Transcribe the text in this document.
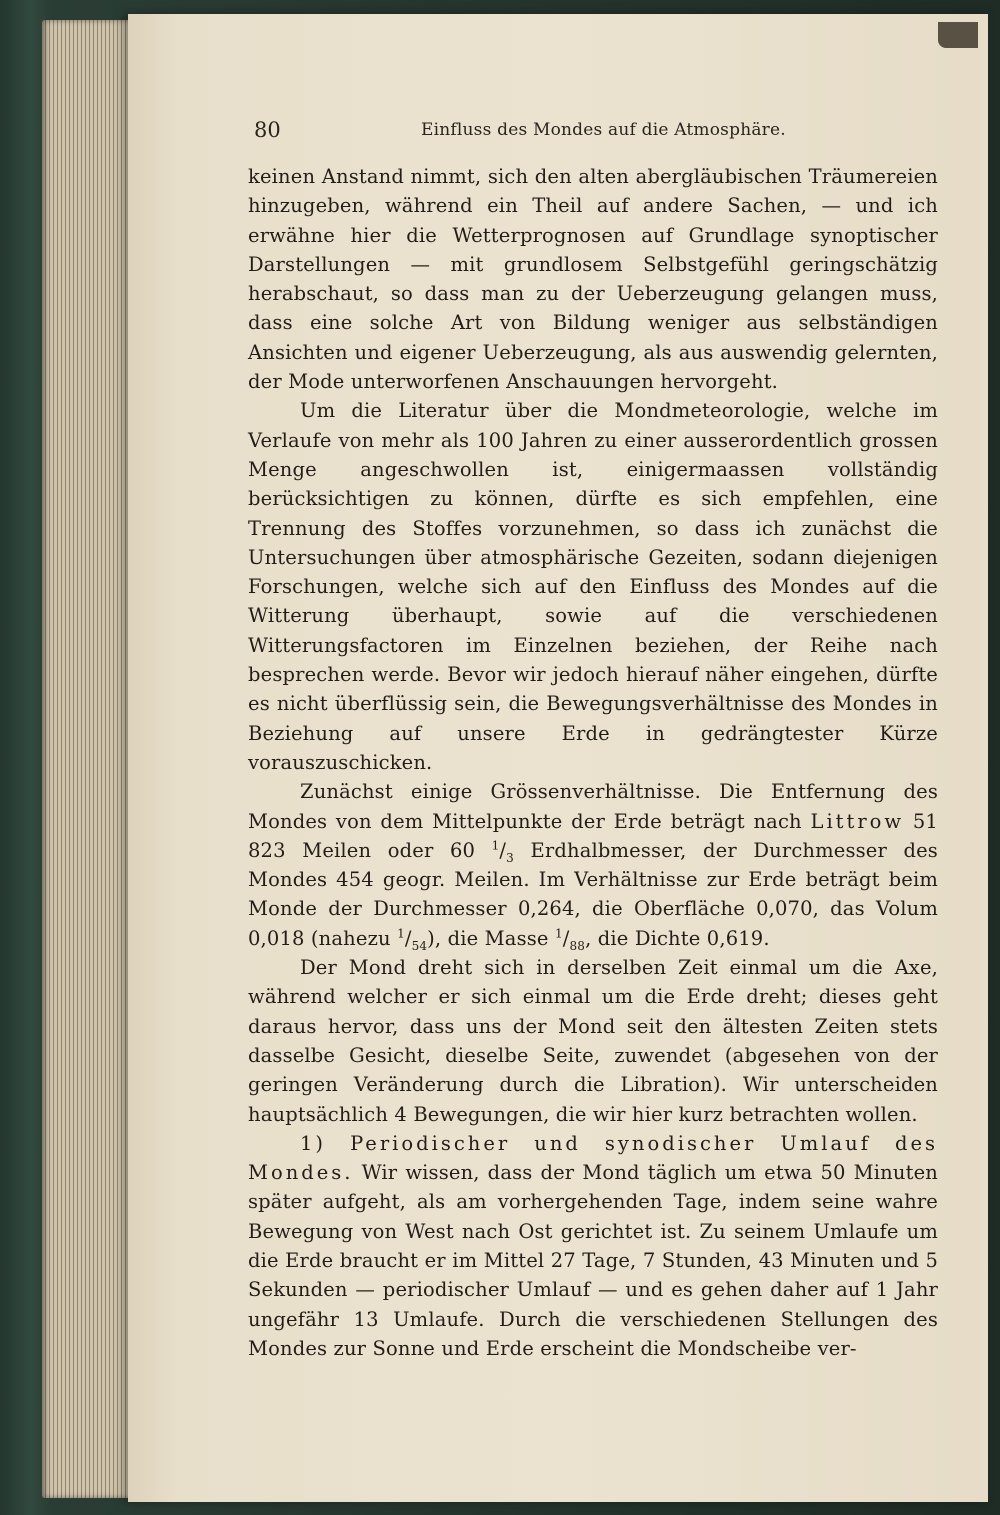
80	Einfluss des Mondes auf die Atmosphäre.

keinen Anstand nimmt, sich den alten abergläubischen Träumereien hinzugeben, während ein Theil auf andere Sachen, — und ich erwähne hier die Wetterprognosen auf Grundlage synoptischer Darstellungen — mit grundlosem Selbstgefühl geringschätzig herabschaut, so dass man zu der Ueberzeugung gelangen muss, dass eine solche Art von Bildung weniger aus selbständigen Ansichten und eigener Ueberzeugung, als aus auswendig gelernten, der Mode unterworfenen Anschauungen hervorgeht.

Um die Literatur über die Mondmeteorologie, welche im Verlaufe von mehr als 100 Jahren zu einer ausserordentlich grossen Menge angeschwollen ist, einigermaassen vollständig berücksichtigen zu können, dürfte es sich empfehlen, eine Trennung des Stoffes vorzunehmen, so dass ich zunächst die Untersuchungen über atmosphärische Gezeiten, sodann diejenigen Forschungen, welche sich auf den Einfluss des Mondes auf die Witterung überhaupt, sowie auf die verschiedenen Witterungsfactoren im Einzelnen beziehen, der Reihe nach besprechen werde. Bevor wir jedoch hierauf näher eingehen, dürfte es nicht überflüssig sein, die Bewegungsverhältnisse des Mondes in Beziehung auf unsere Erde in gedrängtester Kürze vorauszuschicken.

Zunächst einige Grössenverhältnisse. Die Entfernung des Mondes von dem Mittelpunkte der Erde beträgt nach Littrow 51 823 Meilen oder 60 $^1/_3$ Erdhalbmesser, der Durchmesser des Mondes 454 geogr. Meilen. Im Verhältnisse zur Erde beträgt beim Monde der Durchmesser 0,264, die Oberfläche 0,070, das Volum 0,018 (nahezu $^1/_{54}$), die Masse $^1/_{88}$, die Dichte 0,619.

Der Mond dreht sich in derselben Zeit einmal um die Axe, während welcher er sich einmal um die Erde dreht; dieses geht daraus hervor, dass uns der Mond seit den ältesten Zeiten stets dasselbe Gesicht, dieselbe Seite, zuwendet (abgesehen von der geringen Veränderung durch die Libration). Wir unterscheiden hauptsächlich 4 Bewegungen, die wir hier kurz betrachten wollen.

1) Periodischer und synodischer Umlauf des Mondes. Wir wissen, dass der Mond täglich um etwa 50 Minuten später aufgeht, als am vorhergehenden Tage, indem seine wahre Bewegung von West nach Ost gerichtet ist. Zu seinem Umlaufe um die Erde braucht er im Mittel 27 Tage, 7 Stunden, 43 Minuten und 5 Sekunden — periodischer Umlauf — und es gehen daher auf 1 Jahr ungefähr 13 Umlaufe. Durch die verschiedenen Stellungen des Mondes zur Sonne und Erde erscheint die Mondscheibe ver-
